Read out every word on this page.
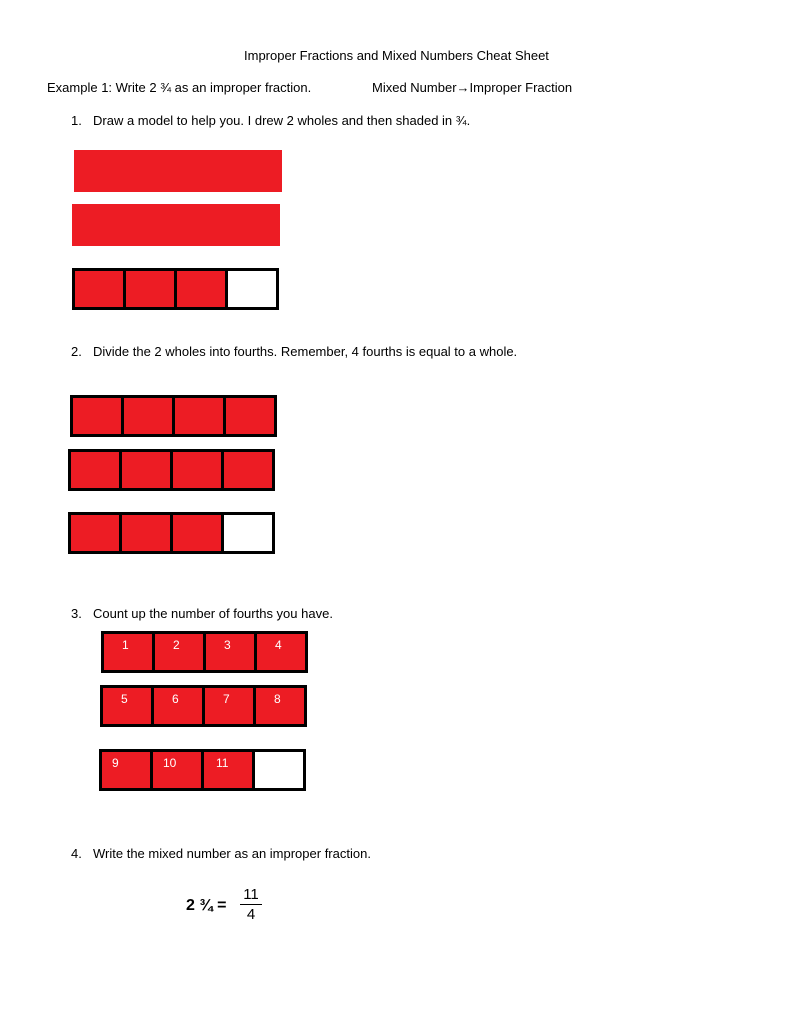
Improper Fractions and Mixed Numbers Cheat Sheet
Example 1: Write 2 ¾ as an improper fraction.	Mixed Number→Improper Fraction
1. Draw a model to help you. I drew 2 wholes and then shaded in ¾.
2. Divide the 2 wholes into fourths. Remember, 4 fourths is equal to a whole.
3. Count up the number of fourths you have.
1	2	3	4
5	6	7	8
9	10	11
4. Write the mixed number as an improper fraction.
2 ¾ =
11
4
